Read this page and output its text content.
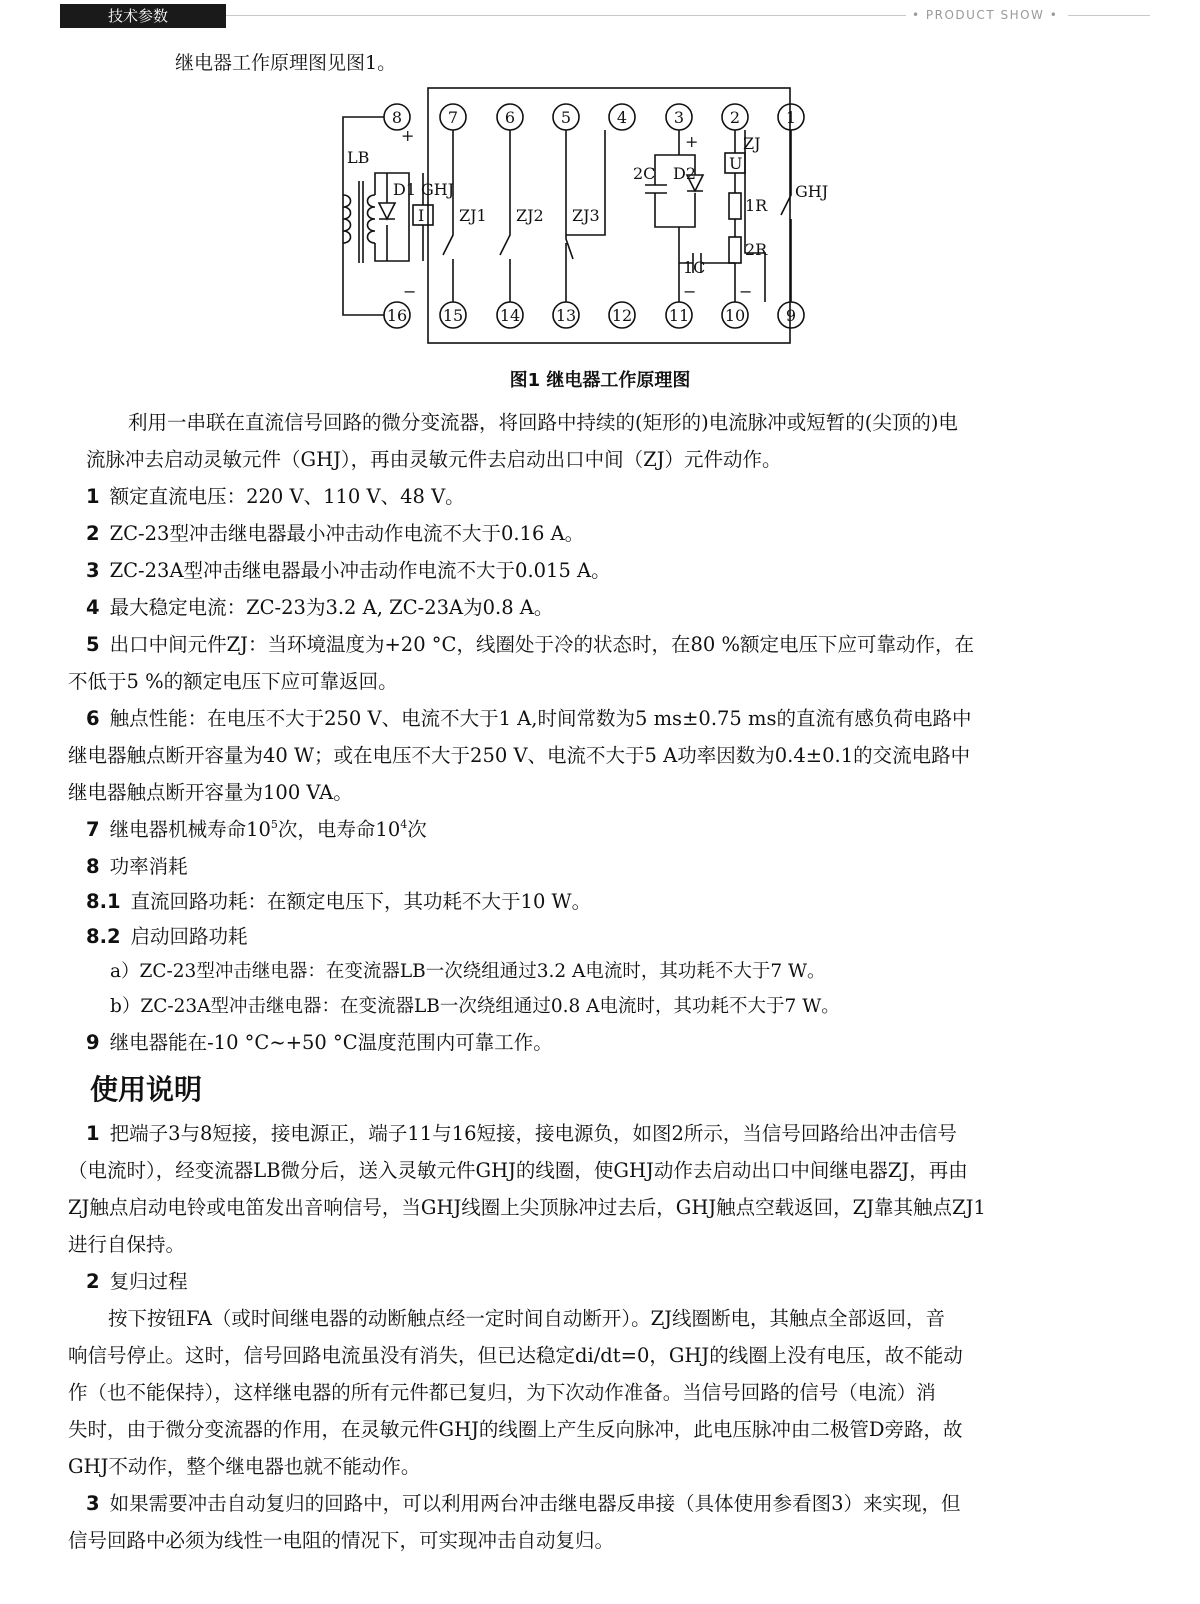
技术参数	• PRODUCT SHOW •
继电器工作原理图见图1。
8	7	6	5	4	3	2	1
16 15 14 13 12 11 10	9
LB
+
−
D1 GHJ
I ZJ1 ZJ2 ZJ3
2C D2
+
−
ZJ
U
1R
2R
1C
−
GHJ
图1 继电器工作原理图
利用一串联在直流信号回路的微分变流器，将回路中持续的(矩形的)电流脉冲或短暂的(尖顶的)电
流脉冲去启动灵敏元件（GHJ），再由灵敏元件去启动出口中间（ZJ）元件动作。
1 额定直流电压：220 V、110 V、48 V。
2 ZC-23型冲击继电器最小冲击动作电流不大于0.16 A。
3 ZC-23A型冲击继电器最小冲击动作电流不大于0.015 A。
4 最大稳定电流：ZC-23为3.2 A, ZC-23A为0.8 A。
5 出口中间元件ZJ：当环境温度为+20 °C，线圈处于冷的状态时，在80 %额定电压下应可靠动作，在
不低于5 %的额定电压下应可靠返回。
6 触点性能：在电压不大于250 V、电流不大于1 A,时间常数为5 ms±0.75 ms的直流有感负荷电路中
继电器触点断开容量为40 W；或在电压不大于250 V、电流不大于5 A功率因数为0.4±0.1的交流电路中
继电器触点断开容量为100 VA。
7 继电器机械寿命$10^5$次，电寿命$10^4$次
8 功率消耗
8.1 直流回路功耗：在额定电压下，其功耗不大于10 W。
8.2 启动回路功耗
a）ZC-23型冲击继电器：在变流器LB一次绕组通过3.2 A电流时，其功耗不大于7 W。
b）ZC-23A型冲击继电器：在变流器LB一次绕组通过0.8 A电流时，其功耗不大于7 W。
9 继电器能在-10 °C~+50 °C温度范围内可靠工作。
使用说明
1 把端子3与8短接，接电源正，端子11与16短接，接电源负，如图2所示，当信号回路给出冲击信号
（电流时），经变流器LB微分后，送入灵敏元件GHJ的线圈，使GHJ动作去启动出口中间继电器ZJ，再由
ZJ触点启动电铃或电笛发出音响信号，当GHJ线圈上尖顶脉冲过去后，GHJ触点空载返回，ZJ靠其触点ZJ1
进行自保持。
2 复归过程
按下按钮FA（或时间继电器的动断触点经一定时间自动断开）。ZJ线圈断电，其触点全部返回，音
响信号停止。这时，信号回路电流虽没有消失，但已达稳定di/dt=0，GHJ的线圈上没有电压，故不能动
作（也不能保持），这样继电器的所有元件都已复归，为下次动作准备。当信号回路的信号（电流）消
失时，由于微分变流器的作用，在灵敏元件GHJ的线圈上产生反向脉冲，此电压脉冲由二极管D旁路，故
GHJ不动作，整个继电器也就不能动作。
3 如果需要冲击自动复归的回路中，可以利用两台冲击继电器反串接（具体使用参看图3）来实现，但
信号回路中必须为线性一电阻的情况下，可实现冲击自动复归。
